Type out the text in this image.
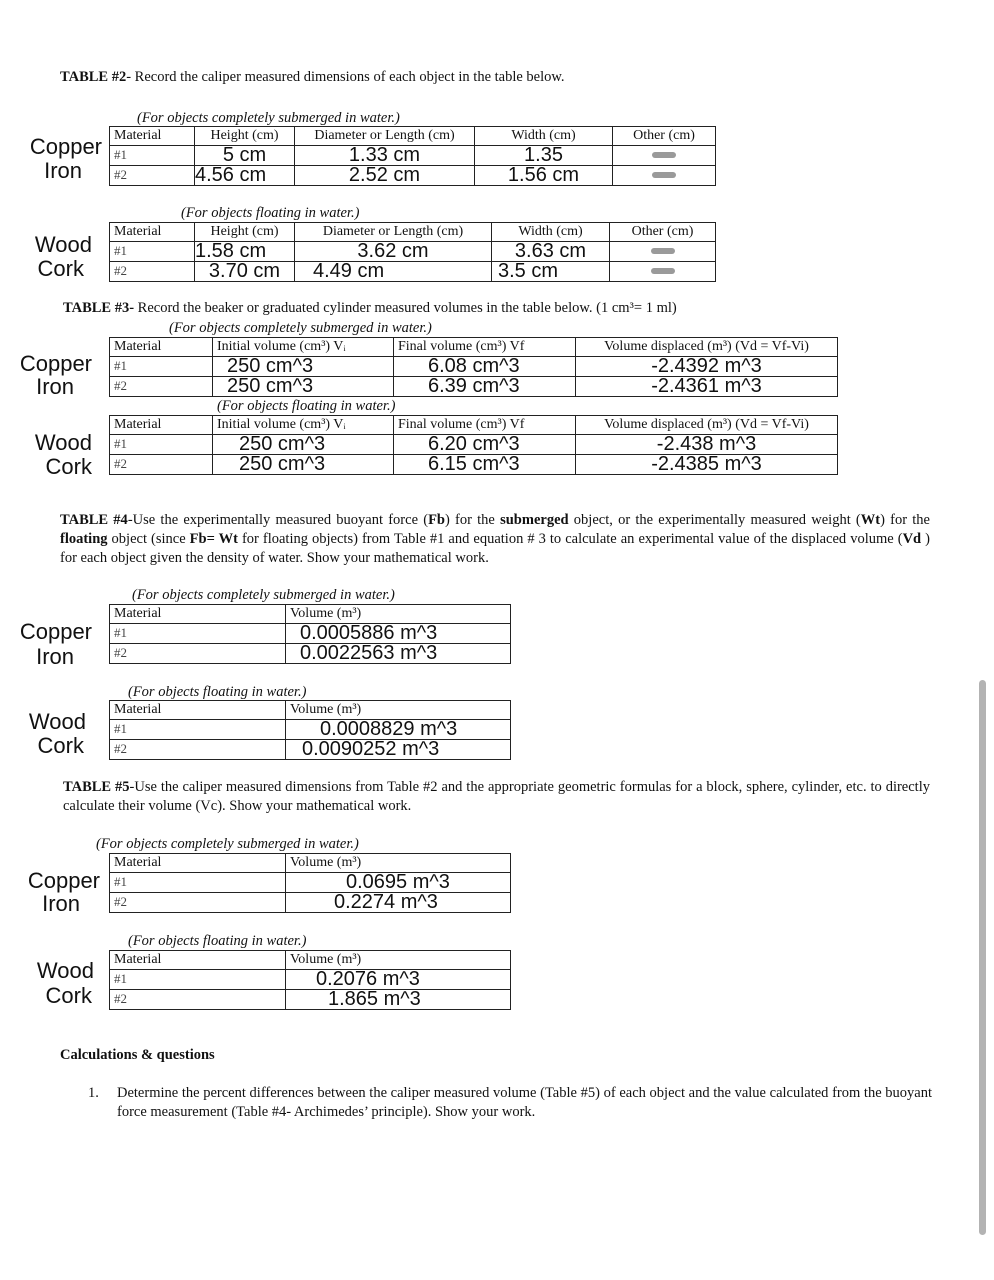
TABLE #2- Record the caliper measured dimensions of each object in the table below.
(For objects completely submerged in water.)
Copper
Iron
Material	Height (cm)	Diameter or Length (cm)	Width (cm)	Other (cm)
#1	5 cm	1.33 cm	1.35	

#2	4.56 cm	2.52 cm	1.56 cm	
(For objects floating in water.)
Wood
Cork
Material	Height (cm)	Diameter or Length (cm)	Width (cm)	Other (cm)
#1	1.58 cm	3.62 cm	3.63 cm	

#2	3.70 cm	4.49 cm	3.5 cm	
TABLE #3- Record the beaker or graduated cylinder measured volumes in the table below. (1 cm³= 1 ml)
(For objects completely submerged in water.)
Copper
Iron
Material	Initial volume (cm³) Vᵢ	Final volume (cm³) Vf	Volume displaced (m³) (Vd = Vf-Vi)
#1	250 cm^3	6.08 cm^3	-2.4392 m^3
#2	250 cm^3	6.39 cm^3	-2.4361 m^3
(For objects floating in water.)
Wood
Cork
Material	Initial volume (cm³) Vᵢ	Final volume (cm³) Vf	Volume displaced (m³) (Vd = Vf-Vi)
#1	250 cm^3	6.20 cm^3	-2.438 m^3
#2	250 cm^3	6.15 cm^3	-2.4385 m^3
TABLE #4-Use the experimentally measured buoyant force (Fb) for the submerged object, or the experimentally measured weight (Wt) for the floating object (since Fb= Wt for floating objects) from Table #1 and equation # 3 to calculate an experimental value of the displaced volume (Vd ) for each object given the density of water. Show your mathematical work.
(For objects completely submerged in water.)
Copper
Iron
Material	Volume (m³)
#1	0.0005886 m^3
#2	0.0022563 m^3
(For objects floating in water.)
Wood
Cork
Material	Volume (m³)
#1	0.0008829 m^3
#2	0.0090252 m^3
TABLE #5-Use the caliper measured dimensions from Table #2 and the appropriate geometric formulas for a block, sphere, cylinder, etc. to directly calculate their volume (Vc). Show your mathematical work.
(For objects completely submerged in water.)
Copper
Iron
Material	Volume (m³)
#1	0.0695 m^3
#2	0.2274 m^3
(For objects floating in water.)
Wood
Cork
Material	Volume (m³)
#1	0.2076 m^3
#2	1.865 m^3
Calculations & questions
1. Determine the percent differences between the caliper measured volume (Table #5) of each object and the value calculated from the buoyant force measurement (Table #4- Archimedes’ principle). Show your work.
